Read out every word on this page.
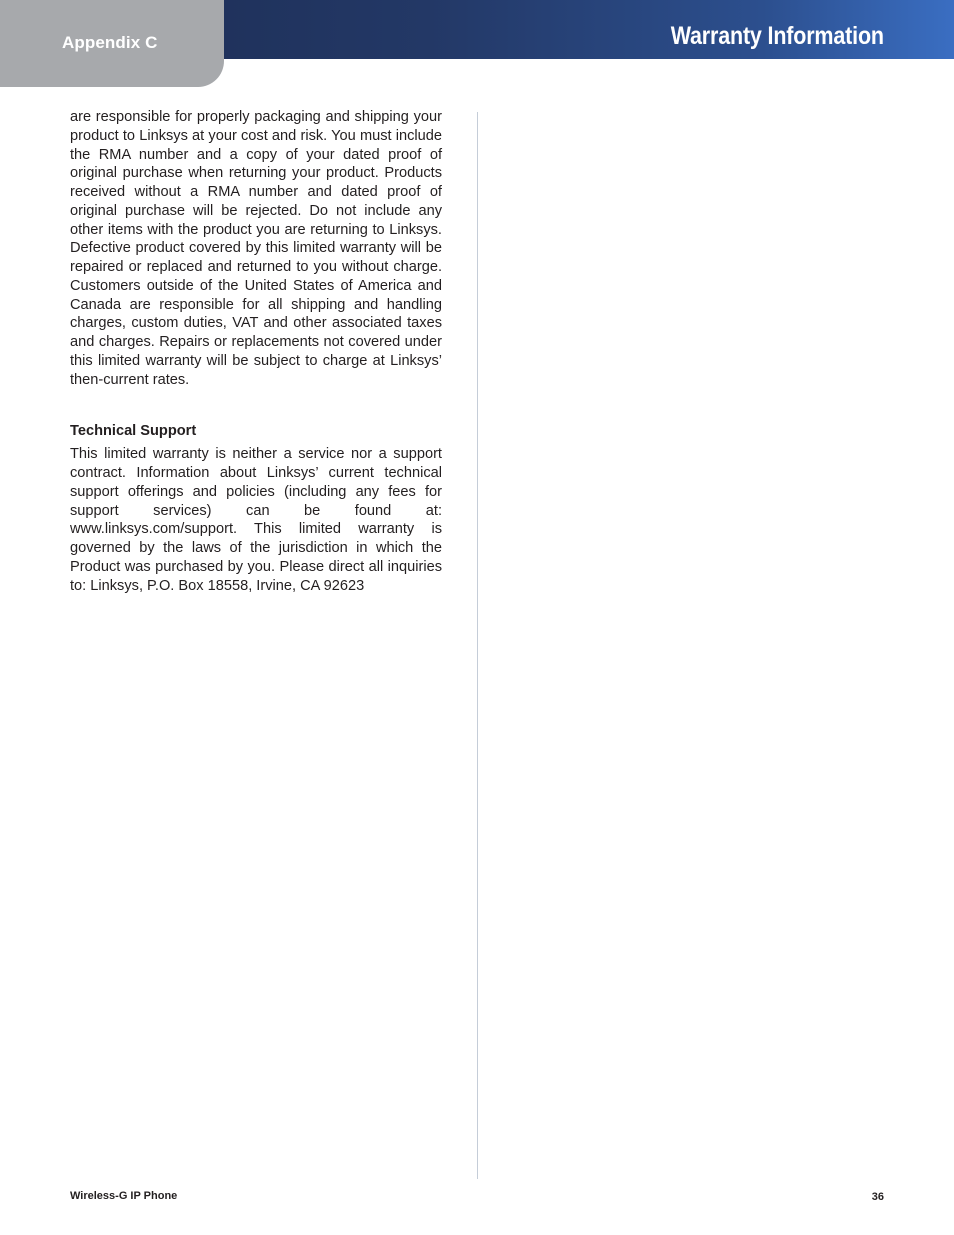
Appendix C	Warranty Information

are responsible for properly packaging and shipping your product to Linksys at your cost and risk. You must include the RMA number and a copy of your dated proof of original purchase when returning your product. Products received without a RMA number and dated proof of original purchase will be rejected. Do not include any other items with the product you are returning to Linksys. Defective product covered by this limited warranty will be repaired or replaced and returned to you without charge. Customers outside of the United States of America and Canada are responsible for all shipping and handling charges, custom duties, VAT and other associated taxes and charges. Repairs or replacements not covered under this limited warranty will be subject to charge at Linksys’ then-current rates.

Technical Support

This limited warranty is neither a service nor a support contract. Information about Linksys’ current technical support offerings and policies (including any fees for support services) can be found at: www.linksys.com/support. This limited warranty is governed by the laws of the jurisdiction in which the Product was purchased by you. Please direct all inquiries to: Linksys, P.O. Box 18558, Irvine, CA 92623

Wireless-G IP Phone	36
